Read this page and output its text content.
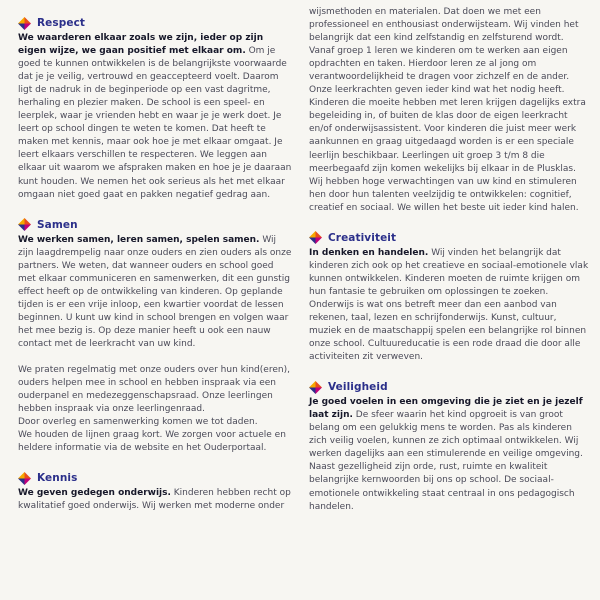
Respect

We waarderen elkaar zoals we zijn, ieder op zijn eigen wijze, we gaan positief met elkaar om. Om je goed te kunnen ontwikkelen is de belangrijkste voorwaarde dat je je veilig, vertrouwd en geaccepteerd voelt. Daarom ligt de nadruk in de beginperiode op een vast dagritme, herhaling en plezier maken. De school is een speel- en leerplek, waar je vrienden hebt en waar je je werk doet. Je leert op school dingen te weten te komen. Dat heeft te maken met kennis, maar ook hoe je met elkaar omgaat. Je leert elkaars verschillen te respecteren. We leggen aan elkaar uit waarom we afspraken maken en hoe je je daaraan kunt houden. We nemen het ook serieus als het met elkaar omgaan niet goed gaat en pakken negatief gedrag aan.

Samen

We werken samen, leren samen, spelen samen. Wij zijn laagdrempelig naar onze ouders en zien ouders als onze partners. We weten, dat wanneer ouders en school goed met elkaar communiceren en samenwerken, dit een gunstig effect heeft op de ontwikkeling van kinderen. Op geplande tijden is er een vrije inloop, een kwartier voordat de lessen beginnen. U kunt uw kind in school brengen en volgen waar het mee bezig is. Op deze manier heeft u ook een nauw contact met de leerkracht van uw kind.

We praten regelmatig met onze ouders over hun kind(eren), ouders helpen mee in school en hebben inspraak via een ouderpanel en medezeggenschapsraad. Onze leerlingen hebben inspraak via onze leerlingenraad.

Door overleg en samenwerking komen we tot daden.

We houden de lijnen graag kort. We zorgen voor actuele en heldere informatie via de website en het Ouderportaal.

Kennis

We geven gedegen onderwijs. Kinderen hebben recht op kwalitatief goed onderwijs. Wij werken met moderne onder

wijsmethoden en materialen. Dat doen we met een professioneel en enthousiast onderwijsteam. Wij vinden het belangrijk dat een kind zelfstandig en zelfsturend wordt. Vanaf groep 1 leren we kinderen om te werken aan eigen opdrachten en taken. Hierdoor leren ze al jong om verantwoordelijkheid te dragen voor zichzelf en de ander. Onze leerkrachten geven ieder kind wat het nodig heeft. Kinderen die moeite hebben met leren krijgen dagelijks extra begeleiding in, of buiten de klas door de eigen leerkracht en/of onderwijsassistent. Voor kinderen die juist meer werk aankunnen en graag uitgedaagd worden is er een speciale leerlijn beschikbaar. Leerlingen uit groep 3 t/m 8 die meerbegaafd zijn komen wekelijks bij elkaar in de Plusklas. Wij hebben hoge verwachtingen van uw kind en stimuleren hen door hun talenten veelzijdig te ontwikkelen: cognitief, creatief en sociaal. We willen het beste uit ieder kind halen.

Creativiteit

In denken en handelen. Wij vinden het belangrijk dat kinderen zich ook op het creatieve en sociaal-emotionele vlak kunnen ontwikkelen. Kinderen moeten de ruimte krijgen om hun fantasie te gebruiken om oplossingen te zoeken. Onderwijs is wat ons betreft meer dan een aanbod van rekenen, taal, lezen en schrijfonderwijs. Kunst, cultuur, muziek en de maatschappij spelen een belangrijke rol binnen onze school. Cultuureducatie is een rode draad die door alle activiteiten zit verweven.

Veiligheid

Je goed voelen in een omgeving die je ziet en je jezelf laat zijn. De sfeer waarin het kind opgroeit is van groot belang om een gelukkig mens te worden. Pas als kinderen zich veilig voelen, kunnen ze zich optimaal ontwikkelen. Wij werken dagelijks aan een stimulerende en veilige omgeving. Naast gezelligheid zijn orde, rust, ruimte en kwaliteit belangrijke kernwoorden bij ons op school. De sociaal-emotionele ontwikkeling staat centraal in ons pedagogisch handelen.
